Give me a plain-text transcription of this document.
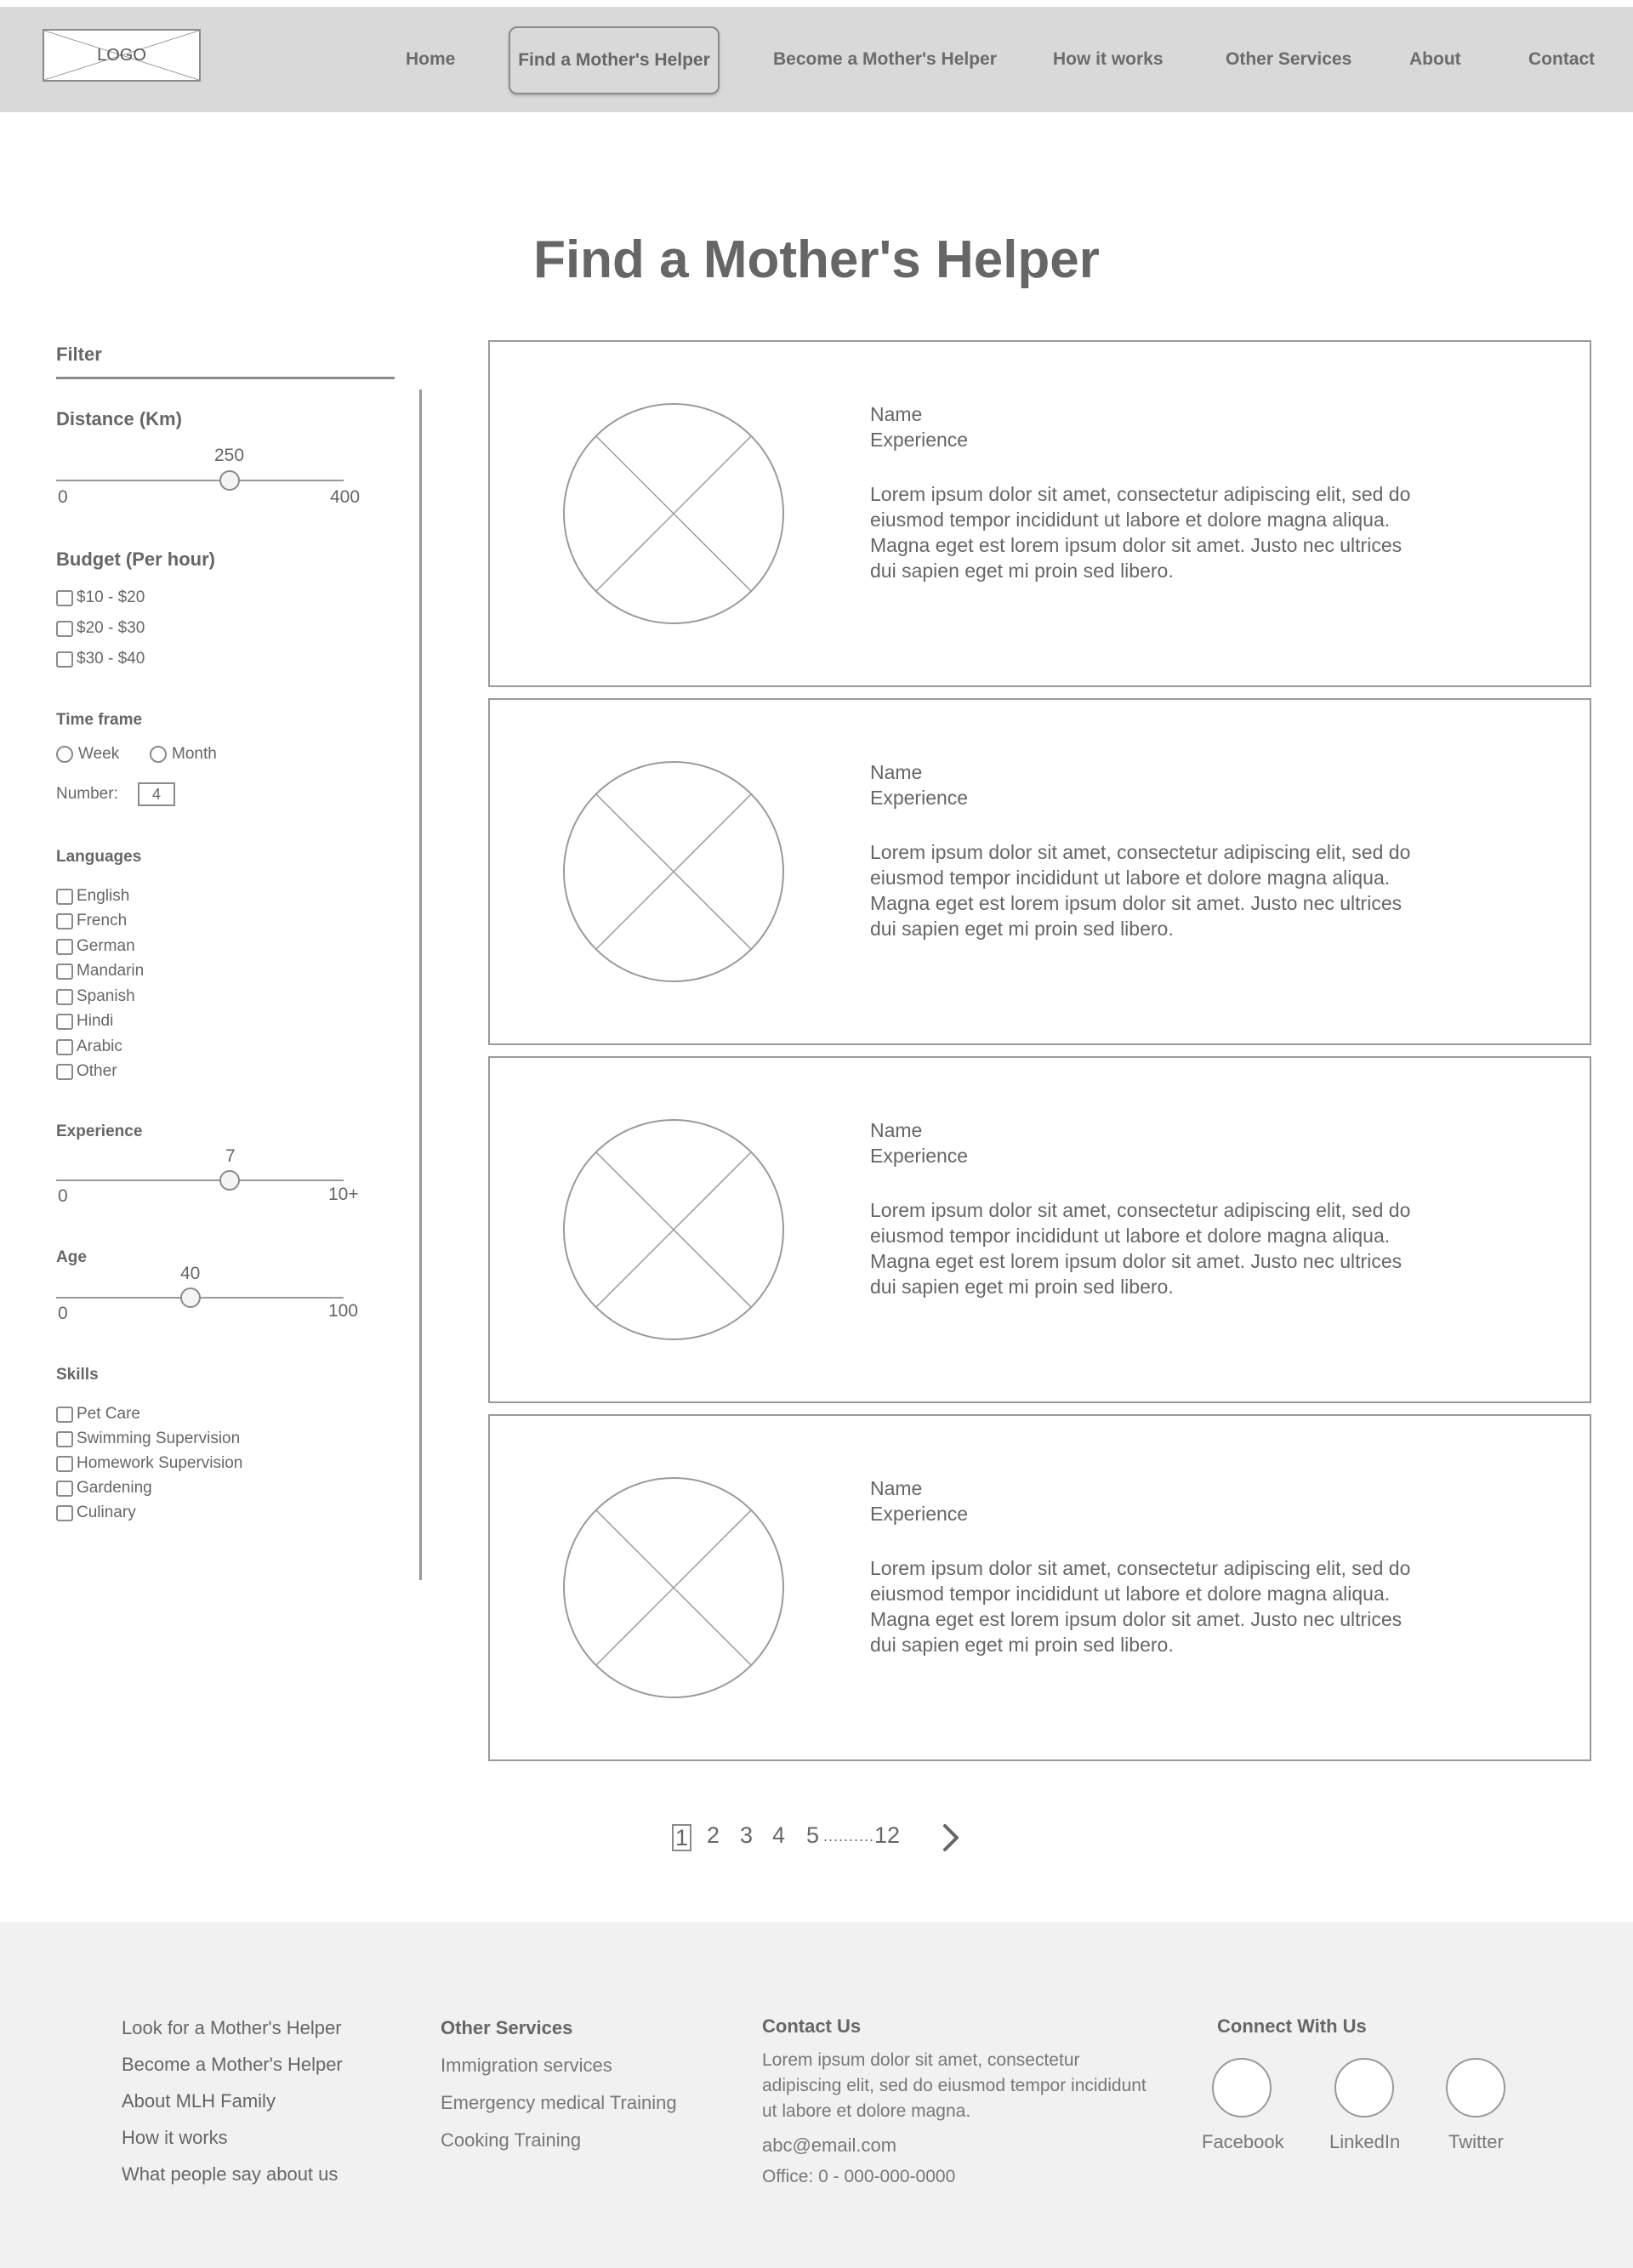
LOGO	Home	Find a Mother's Helper	Become a Mother's Helper	How it works	Other Services	About	Contact
Find a Mother's Helper
Filter
Distance (Km)
250
0	400
Budget (Per hour)
$10 - $20
$20 - $30
$30 - $40
Time frame
Week	Month
Number:	4
Languages
English
French
German
Mandarin
Spanish
Hindi
Arabic
Other
Experience
7
0	10+
Age
40
0	100
Skills
Pet Care
Swimming Supervision
Homework Supervision
Gardening
Culinary
Name
Experience
Lorem ipsum dolor sit amet, consectetur adipiscing elit, sed do eiusmod tempor incididunt ut labore et dolore magna aliqua. Magna eget est lorem ipsum dolor sit amet. Justo nec ultrices dui sapien eget mi proin sed libero.
Name
Experience
Lorem ipsum dolor sit amet, consectetur adipiscing elit, sed do eiusmod tempor incididunt ut labore et dolore magna aliqua. Magna eget est lorem ipsum dolor sit amet. Justo nec ultrices dui sapien eget mi proin sed libero.
Name
Experience
Lorem ipsum dolor sit amet, consectetur adipiscing elit, sed do eiusmod tempor incididunt ut labore et dolore magna aliqua. Magna eget est lorem ipsum dolor sit amet. Justo nec ultrices dui sapien eget mi proin sed libero.
Name
Experience
Lorem ipsum dolor sit amet, consectetur adipiscing elit, sed do eiusmod tempor incididunt ut labore et dolore magna aliqua. Magna eget est lorem ipsum dolor sit amet. Justo nec ultrices dui sapien eget mi proin sed libero.
1 2 3 4 5 .......... 12
Look for a Mother's Helper
Become a Mother's Helper
About MLH Family
How it works
What people say about us
Other Services
Immigration services
Emergency medical Training
Cooking Training
Contact Us
Lorem ipsum dolor sit amet, consectetur adipiscing elit, sed do eiusmod tempor incididunt ut labore et dolore magna.
abc@email.com
Office: 0 - 000-000-0000
Connect With Us
Facebook LinkedIn	Twitter
